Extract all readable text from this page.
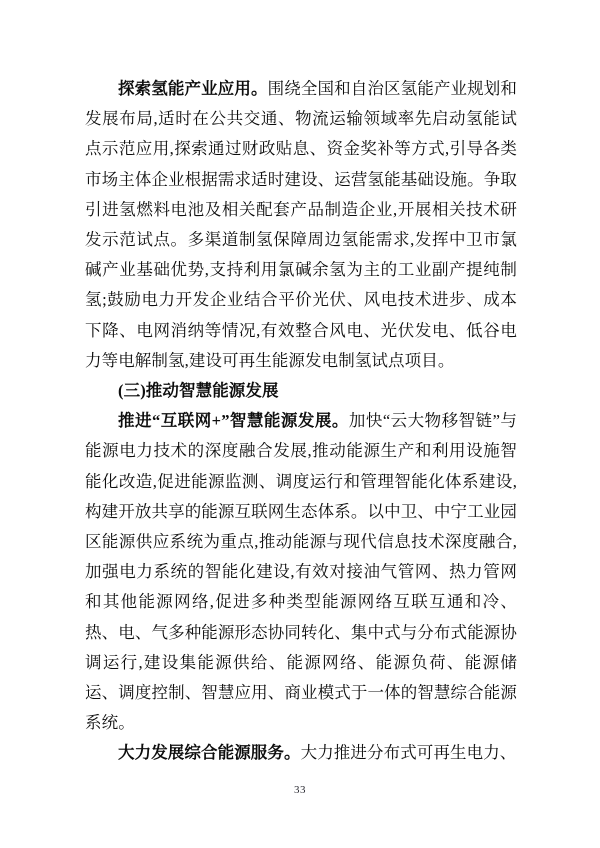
探索氢能产业应用。围绕全国和自治区氢能产业规划和发展布局,适时在公共交通、物流运输领域率先启动氢能试点示范应用,探索通过财政贴息、资金奖补等方式,引导各类市场主体企业根据需求适时建设、运营氢能基础设施。争取引进氢燃料电池及相关配套产品制造企业,开展相关技术研发示范试点。多渠道制氢保障周边氢能需求,发挥中卫市氯碱产业基础优势,支持利用氯碱余氢为主的工业副产提纯制氢;鼓励电力开发企业结合平价光伏、风电技术进步、成本下降、电网消纳等情况,有效整合风电、光伏发电、低谷电力等电解制氢,建设可再生能源发电制氢试点项目。

(三)推动智慧能源发展

推进“互联网+”智慧能源发展。加快“云大物移智链”与能源电力技术的深度融合发展,推动能源生产和利用设施智能化改造,促进能源监测、调度运行和管理智能化体系建设,构建开放共享的能源互联网生态体系。以中卫、中宁工业园区能源供应系统为重点,推动能源与现代信息技术深度融合,加强电力系统的智能化建设,有效对接油气管网、热力管网和其他能源网络,促进多种类型能源网络互联互通和冷、热、电、气多种能源形态协同转化、集中式与分布式能源协调运行,建设集能源供给、能源网络、能源负荷、能源储运、调度控制、智慧应用、商业模式于一体的智慧综合能源系统。

大力发展综合能源服务。大力推进分布式可再生电力、

33
